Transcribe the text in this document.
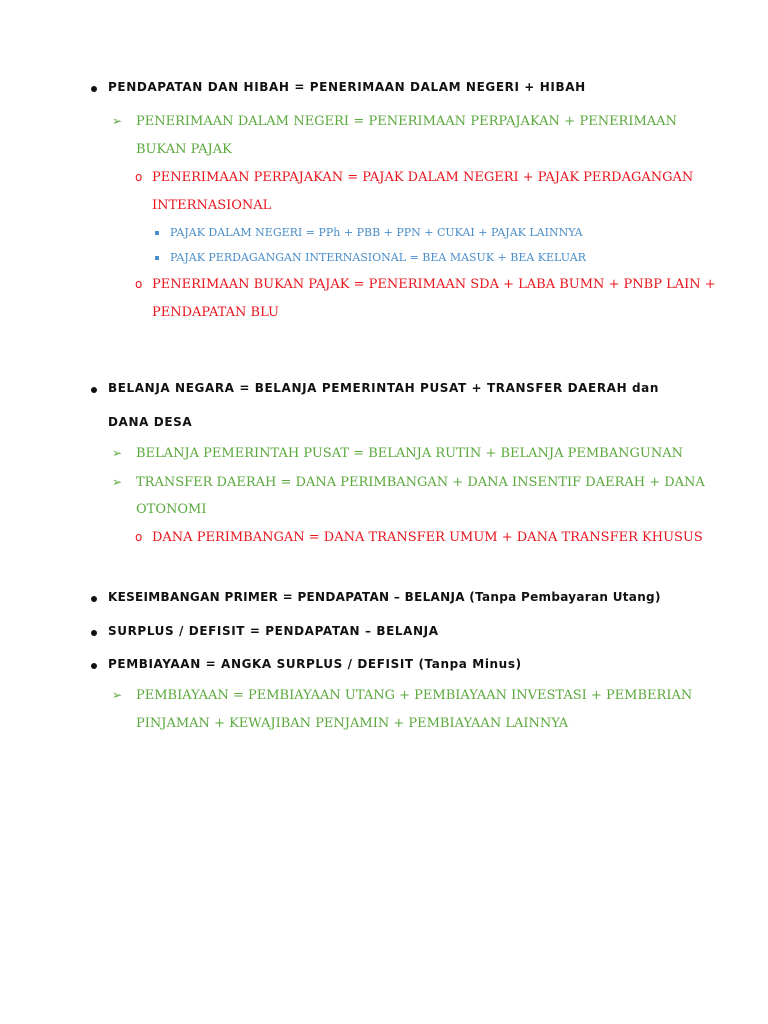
PENDAPATAN DAN HIBAH = PENERIMAAN DALAM NEGERI + HIBAH
➢ PENERIMAAN DALAM NEGERI = PENERIMAAN PERPAJAKAN + PENERIMAAN
BUKAN PAJAK
o PENERIMAAN PERPAJAKAN = PAJAK DALAM NEGERI + PAJAK PERDAGANGAN
INTERNASIONAL
PAJAK DALAM NEGERI = PPh + PBB + PPN + CUKAI + PAJAK LAINNYA
PAJAK PERDAGANGAN INTERNASIONAL = BEA MASUK + BEA KELUAR
o PENERIMAAN BUKAN PAJAK = PENERIMAAN SDA + LABA BUMN + PNBP LAIN +
PENDAPATAN BLU
BELANJA NEGARA = BELANJA PEMERINTAH PUSAT + TRANSFER DAERAH dan
DANA DESA
➢ BELANJA PEMERINTAH PUSAT = BELANJA RUTIN + BELANJA PEMBANGUNAN
➢ TRANSFER DAERAH = DANA PERIMBANGAN + DANA INSENTIF DAERAH + DANA
OTONOMI
o DANA PERIMBANGAN = DANA TRANSFER UMUM + DANA TRANSFER KHUSUS
KESEIMBANGAN PRIMER = PENDAPATAN – BELANJA (Tanpa Pembayaran Utang)
SURPLUS / DEFISIT = PENDAPATAN – BELANJA
PEMBIAYAAN = ANGKA SURPLUS / DEFISIT (Tanpa Minus)
➢ PEMBIAYAAN = PEMBIAYAAN UTANG + PEMBIAYAAN INVESTASI + PEMBERIAN
PINJAMAN + KEWAJIBAN PENJAMIN + PEMBIAYAAN LAINNYA
